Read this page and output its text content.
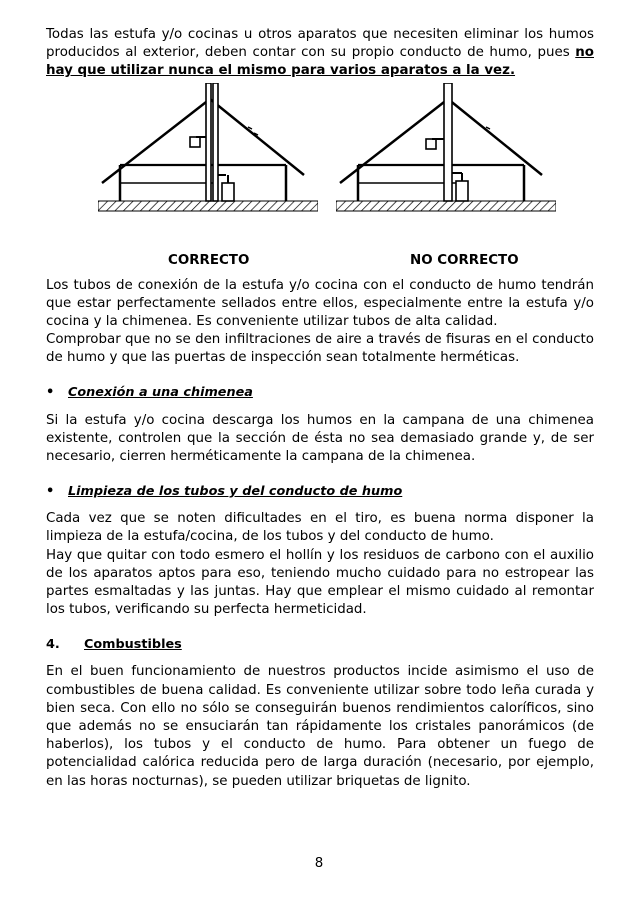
Todas las estufa y/o cocinas u otros aparatos que necesiten eliminar los humos producidos al exterior, deben contar con su propio conducto de humo, pues no hay que utilizar nunca el mismo para varios aparatos a la vez.

CORRECTO	NO CORRECTO

Los tubos de conexión de la estufa y/o cocina con el conducto de humo tendrán que estar perfectamente sellados entre ellos, especialmente entre la estufa y/o cocina y la chimenea. Es conveniente utilizar tubos de alta calidad.

Comprobar que no se den infiltraciones de aire a través de fisuras en el conducto de humo y que las puertas de inspección sean totalmente herméticas.

•	Conexión a una chimenea

Si la estufa y/o cocina descarga los humos en la campana de una chimenea existente, controlen que la sección de ésta no sea demasiado grande y, de ser necesario, cierren herméticamente la campana de la chimenea.

•	Limpieza de los tubos y del conducto de humo

Cada vez que se noten dificultades en el tiro, es buena norma disponer la limpieza de la estufa/cocina, de los tubos y del conducto de humo.

Hay que quitar con todo esmero el hollín y los residuos de carbono con el auxilio de los aparatos aptos para eso, teniendo mucho cuidado para no estropear las partes esmaltadas y las juntas. Hay que emplear el mismo cuidado al remontar los tubos, verificando su perfecta hermeticidad.

4.	Combustibles

En el buen funcionamiento de nuestros productos incide asimismo el uso de combustibles de buena calidad. Es conveniente utilizar sobre todo leña curada y bien seca. Con ello no sólo se conseguirán buenos rendimientos caloríficos, sino que además no se ensuciarán tan rápidamente los cristales panorámicos (de haberlos), los tubos y el conducto de humo. Para obtener un fuego de potencialidad calórica reducida pero de larga duración (necesario, por ejemplo, en las horas nocturnas), se pueden utilizar briquetas de lignito.

8
